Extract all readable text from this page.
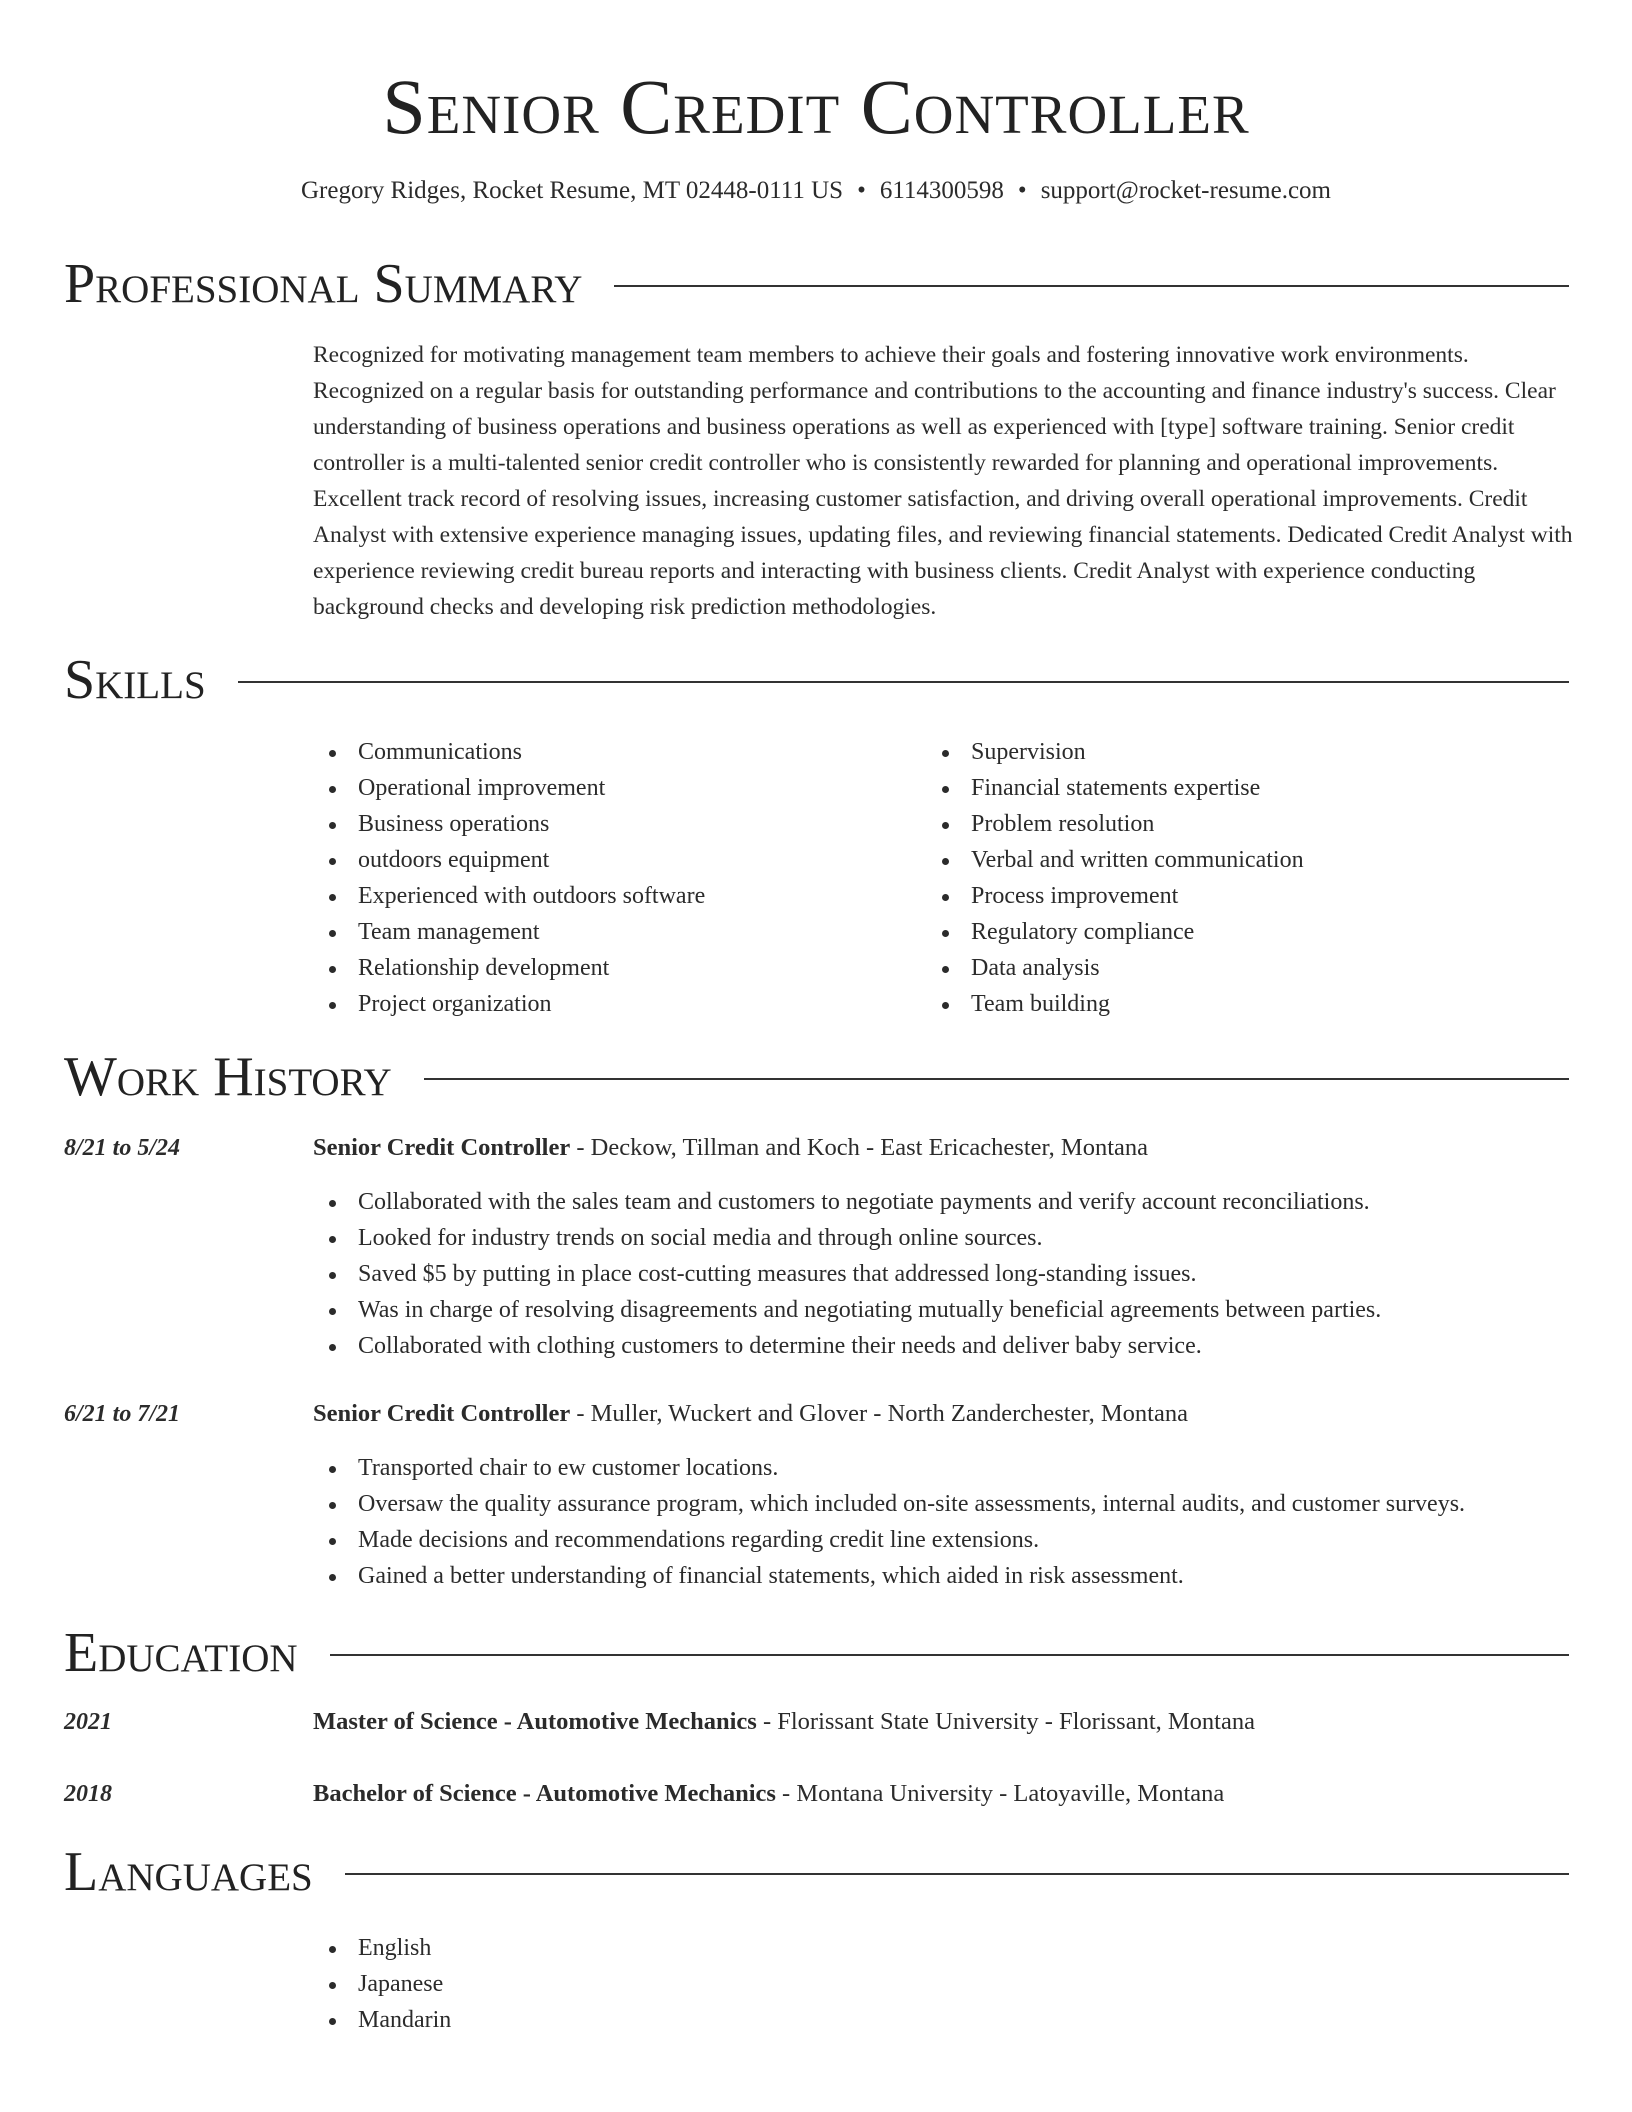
Senior Credit Controller
Gregory Ridges, Rocket Resume, MT 02448-0111 US • 6114300598 • support@rocket-resume.com
Professional Summary

Recognized for motivating management team members to achieve their goals and fostering innovative work environments. Recognized on a regular basis for outstanding performance and contributions to the accounting and finance industry's success. Clear understanding of business operations and business operations as well as experienced with [type] software training. Senior credit controller is a multi-talented senior credit controller who is consistently rewarded for planning and operational improvements. Excellent track record of resolving issues, increasing customer satisfaction, and driving overall operational improvements. Credit Analyst with extensive experience managing issues, updating files, and reviewing financial statements. Dedicated Credit Analyst with experience reviewing credit bureau reports and interacting with business clients. Credit Analyst with experience conducting background checks and developing risk prediction methodologies.

Skills
Communications
Operational improvement
Business operations
outdoors equipment
Experienced with outdoors software
Team management
Relationship development
Project organization
Supervision
Financial statements expertise
Problem resolution
Verbal and written communication
Process improvement
Regulatory compliance
Data analysis
Team building
Work History
8/21 to 5/24	Senior Credit Controller - Deckow, Tillman and Koch - East Ericachester, Montana
Collaborated with the sales team and customers to negotiate payments and verify account reconciliations.
Looked for industry trends on social media and through online sources.
Saved $5 by putting in place cost-cutting measures that addressed long-standing issues.
Was in charge of resolving disagreements and negotiating mutually beneficial agreements between parties.
Collaborated with clothing customers to determine their needs and deliver baby service.
6/21 to 7/21	Senior Credit Controller - Muller, Wuckert and Glover - North Zanderchester, Montana
Transported chair to ew customer locations.
Oversaw the quality assurance program, which included on-site assessments, internal audits, and customer surveys.
Made decisions and recommendations regarding credit line extensions.
Gained a better understanding of financial statements, which aided in risk assessment.
Education
2021	Master of Science - Automotive Mechanics - Florissant State University - Florissant, Montana
2018	Bachelor of Science - Automotive Mechanics - Montana University - Latoyaville, Montana
Languages
English
Japanese
Mandarin
